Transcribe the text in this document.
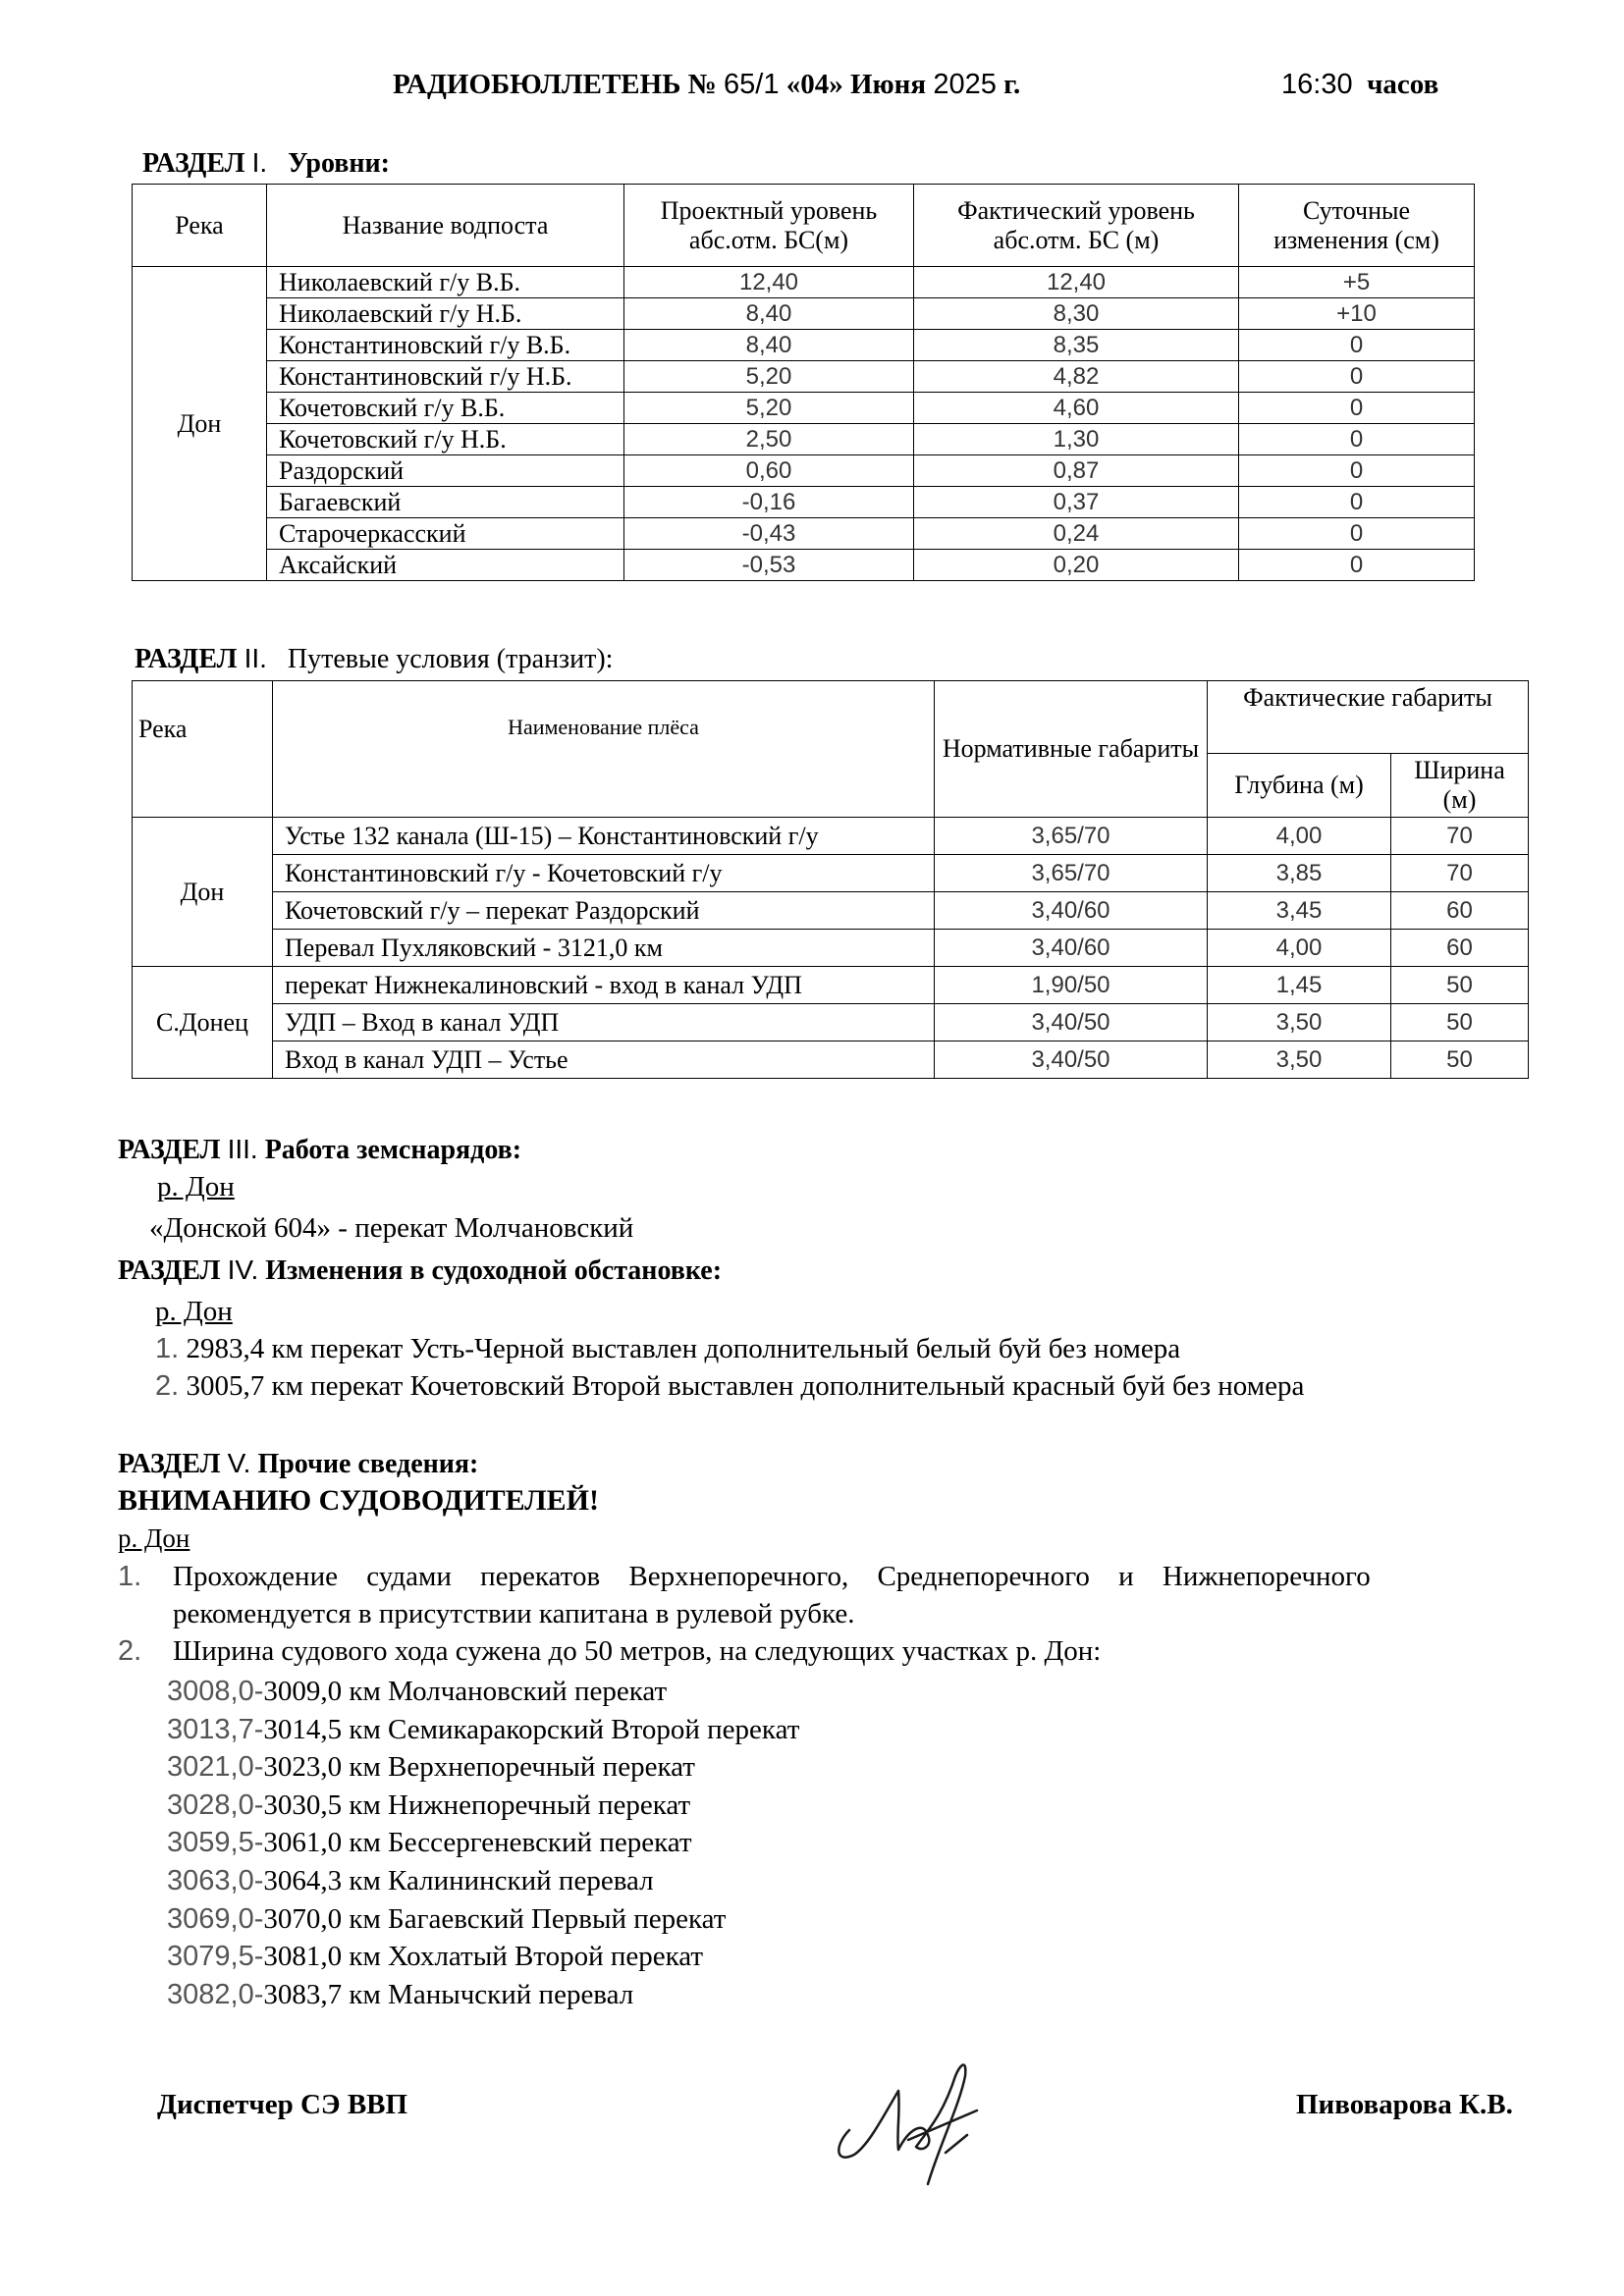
РАДИОБЮЛЛЕТЕНЬ № 65/1 «04» Июня 2025 г.	16:30 часов
РАЗДЕЛ I. Уровни:
Река	Название водпоста	Проектный уровень абс.отм. БС(м)	Фактический уровень абс.отм. БС (м)	Суточные изменения (см)
Дон	Николаевский г/у В.Б.	12,40	12,40	+5
	Николаевский г/у Н.Б.	8,40	8,30	+10
	Константиновский г/у В.Б.	8,40	8,35	0
	Константиновский г/у Н.Б.	5,20	4,82	0
	Кочетовский г/у В.Б.	5,20	4,60	0
	Кочетовский г/у Н.Б.	2,50	1,30	0
	Раздорский	0,60	0,87	0
	Багаевский	-0,16	0,37	0
	Старочеркасский	-0,43	0,24	0
	Аксайский	-0,53	0,20	0
РАЗДЕЛ II. Путевые условия (транзит):
Река	Наименование плёса	Нормативные габариты	Фактические габариты	
			Глубина (м)	Ширина (м)
Дон	Устье 132 канала (Ш-15) – Константиновский г/у	3,65/70	4,00	70
	Константиновский г/у - Кочетовский г/у	3,65/70	3,85	70
	Кочетовский г/у – перекат Раздорский	3,40/60	3,45	60
	Перевал Пухляковский - 3121,0 км	3,40/60	4,00	60
С.Донец	перекат Нижнекалиновский - вход в канал УДП	1,90/50	1,45	50
	УДП – Вход в канал УДП	3,40/50	3,50	50
	Вход в канал УДП – Устье	3,40/50	3,50	50
РАЗДЕЛ III. Работа земснарядов:
р. Дон
«Донской 604» - перекат Молчановский
РАЗДЕЛ IV. Изменения в судоходной обстановке:
р. Дон
1. 2983,4 км перекат Усть-Черной выставлен дополнительный белый буй без номера
2. 3005,7 км перекат Кочетовский Второй выставлен дополнительный красный буй без номера
РАЗДЕЛ V. Прочие сведения:
ВНИМАНИЮ СУДОВОДИТЕЛЕЙ!
р. Дон
1. Прохождение судами перекатов Верхнепоречного, Среднепоречного и Нижнепоречного
рекомендуется в присутствии капитана в рулевой рубке.
2. Ширина судового хода сужена до 50 метров, на следующих участках р. Дон:
3008,0-3009,0 км Молчановский перекат
3013,7-3014,5 км Семикаракорский Второй перекат
3021,0-3023,0 км Верхнепоречный перекат
3028,0-3030,5 км Нижнепоречный перекат
3059,5-3061,0 км Бессергеневский перекат
3063,0-3064,3 км Калининский перевал
3069,0-3070,0 км Багаевский Первый перекат
3079,5-3081,0 км Хохлатый Второй перекат
3082,0-3083,7 км Манычский перевал
Диспетчер СЭ ВВП	Пивоварова К.В.
